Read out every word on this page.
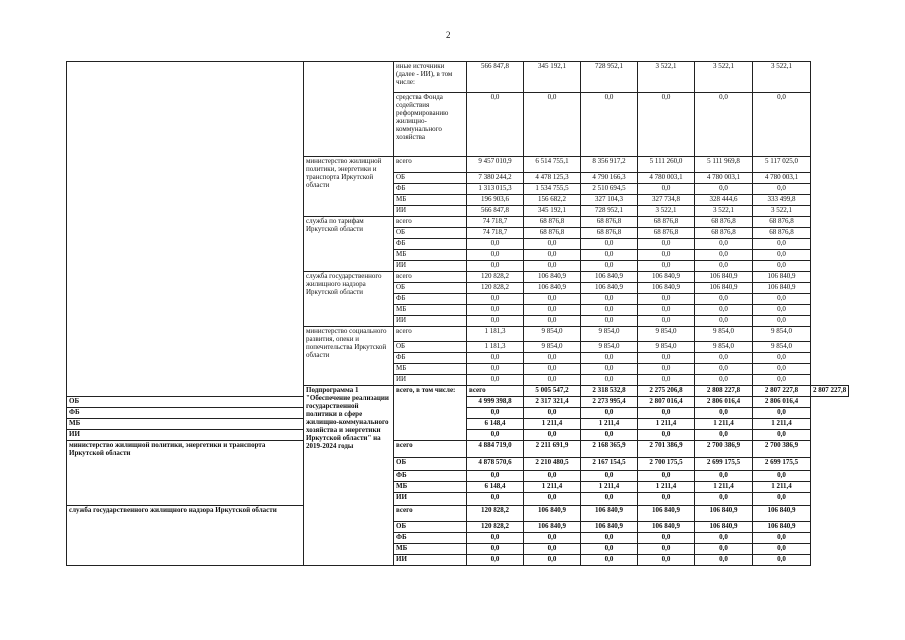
2
		иные источники (далее - ИИ), в том числе:	566 847,8	345 192,1	728 952,1	3 522,1	3 522,1	3 522,1	
		средства Фонда содействия реформированию жилищно-коммунального хозяйства	0,0	0,0	0,0	0,0	0,0	0,0	
	министерство жилищной политики, энергетики и транспорта Иркутской области	всего	9 457 010,9	6 514 755,1	8 356 917,2	5 111 260,0	5 111 969,8	5 117 025,0	
		ОБ	7 380 244,2	4 478 125,3	4 790 166,3	4 780 003,1	4 780 003,1	4 780 003,1	
		ФБ	1 313 015,3	1 534 755,5	2 510 694,5	0,0	0,0	0,0	
		МБ	196 903,6	156 682,2	327 104,3	327 734,8	328 444,6	333 499,8	
		ИИ	566 847,8	345 192,1	728 952,1	3 522,1	3 522,1	3 522,1	
	служба по тарифам Иркутской области	всего	74 718,7	68 876,8	68 876,8	68 876,8	68 876,8	68 876,8	
		ОБ	74 718,7	68 876,8	68 876,8	68 876,8	68 876,8	68 876,8	
		ФБ	0,0	0,0	0,0	0,0	0,0	0,0	
		МБ	0,0	0,0	0,0	0,0	0,0	0,0	
		ИИ	0,0	0,0	0,0	0,0	0,0	0,0	
	служба государственного жилищного надзора Иркутской области	всего	120 828,2	106 840,9	106 840,9	106 840,9	106 840,9	106 840,9	
		ОБ	120 828,2	106 840,9	106 840,9	106 840,9	106 840,9	106 840,9	
		ФБ	0,0	0,0	0,0	0,0	0,0	0,0	
		МБ	0,0	0,0	0,0	0,0	0,0	0,0	
		ИИ	0,0	0,0	0,0	0,0	0,0	0,0	
	министерство социального развития, опеки и попечительства Иркутской области	всего	1 181,3	9 854,0	9 854,0	9 854,0	9 854,0	9 854,0	
		ОБ	1 181,3	9 854,0	9 854,0	9 854,0	9 854,0	9 854,0	
		ФБ	0,0	0,0	0,0	0,0	0,0	0,0	
		МБ	0,0	0,0	0,0	0,0	0,0	0,0	
		ИИ	0,0	0,0	0,0	0,0	0,0	0,0	
	Подпрограмма 1 "Обеспечение реализации государственной политики в сфере жилищно-коммунального хозяйства и энергетики Иркутской области" на 2019-2024 годы	всего, в том числе:	всего	5 005 547,2	2 318 532,8	2 275 206,8	2 808 227,8	2 807 227,8	2 807 227,8
ОБ			4 999 398,8	2 317 321,4	2 273 995,4	2 807 016,4	2 806 016,4	2 806 016,4	
ФБ			0,0	0,0	0,0	0,0	0,0	0,0	
МБ			6 148,4	1 211,4	1 211,4	1 211,4	1 211,4	1 211,4	
ИИ			0,0	0,0	0,0	0,0	0,0	0,0	
министерство жилищной политики, энергетики и транспорта Иркутской области		всего	4 884 719,0	2 211 691,9	2 168 365,9	2 701 386,9	2 700 386,9	2 700 386,9	
		ОБ	4 878 570,6	2 210 480,5	2 167 154,5	2 700 175,5	2 699 175,5	2 699 175,5	
		ФБ	0,0	0,0	0,0	0,0	0,0	0,0	
		МБ	6 148,4	1 211,4	1 211,4	1 211,4	1 211,4	1 211,4	
		ИИ	0,0	0,0	0,0	0,0	0,0	0,0	
служба государственного жилищного надзора Иркутской области		всего	120 828,2	106 840,9	106 840,9	106 840,9	106 840,9	106 840,9	
		ОБ	120 828,2	106 840,9	106 840,9	106 840,9	106 840,9	106 840,9	
		ФБ	0,0	0,0	0,0	0,0	0,0	0,0	
		МБ	0,0	0,0	0,0	0,0	0,0	0,0	
		ИИ	0,0	0,0	0,0	0,0	0,0	0,0	
